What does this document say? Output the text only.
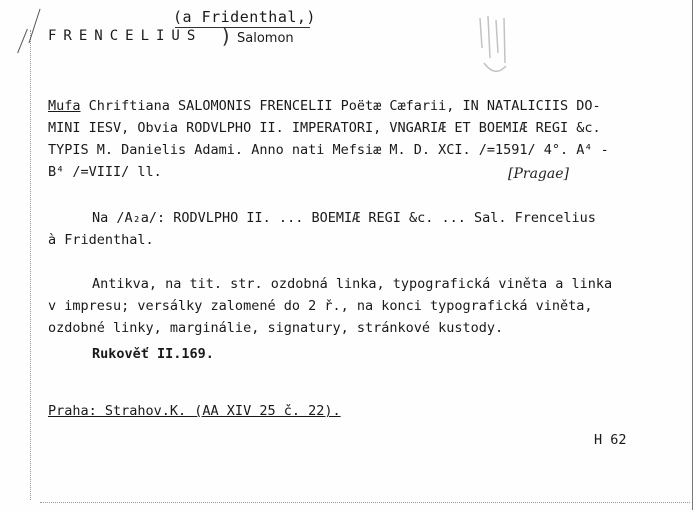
(a Fridenthal,)
FRENCELIUS ) Salomon
Mufa Chriftiana SALOMONIS FRENCELII Poëtæ Cæfarii, IN NATALICIIS DO-
MINI IESV, Obvia RODVLPHO II. IMPERATORI, VNGARIÆ ET BOEMIÆ REGI &c.
TYPIS M. Danielis Adami. Anno nati Mefsiæ M. D. XCI. /=1591/ 4°. A⁴ -
B⁴ /=VIII/ ll.	[Pragae]
Na /A₂a/: RODVLPHO II. ... BOEMIÆ REGI &c. ... Sal. Frencelius
à Fridenthal.
Antikva, na tit. str. ozdobná linka, typografická viněta a linka
v impresu; versálky zalomené do 2 ř., na konci typografická viněta,
ozdobné linky, marginálie, signatury, stránkové kustody.
Rukověť II.169.
Praha: Strahov.K. (AA XIV 25 č. 22).
H 62
